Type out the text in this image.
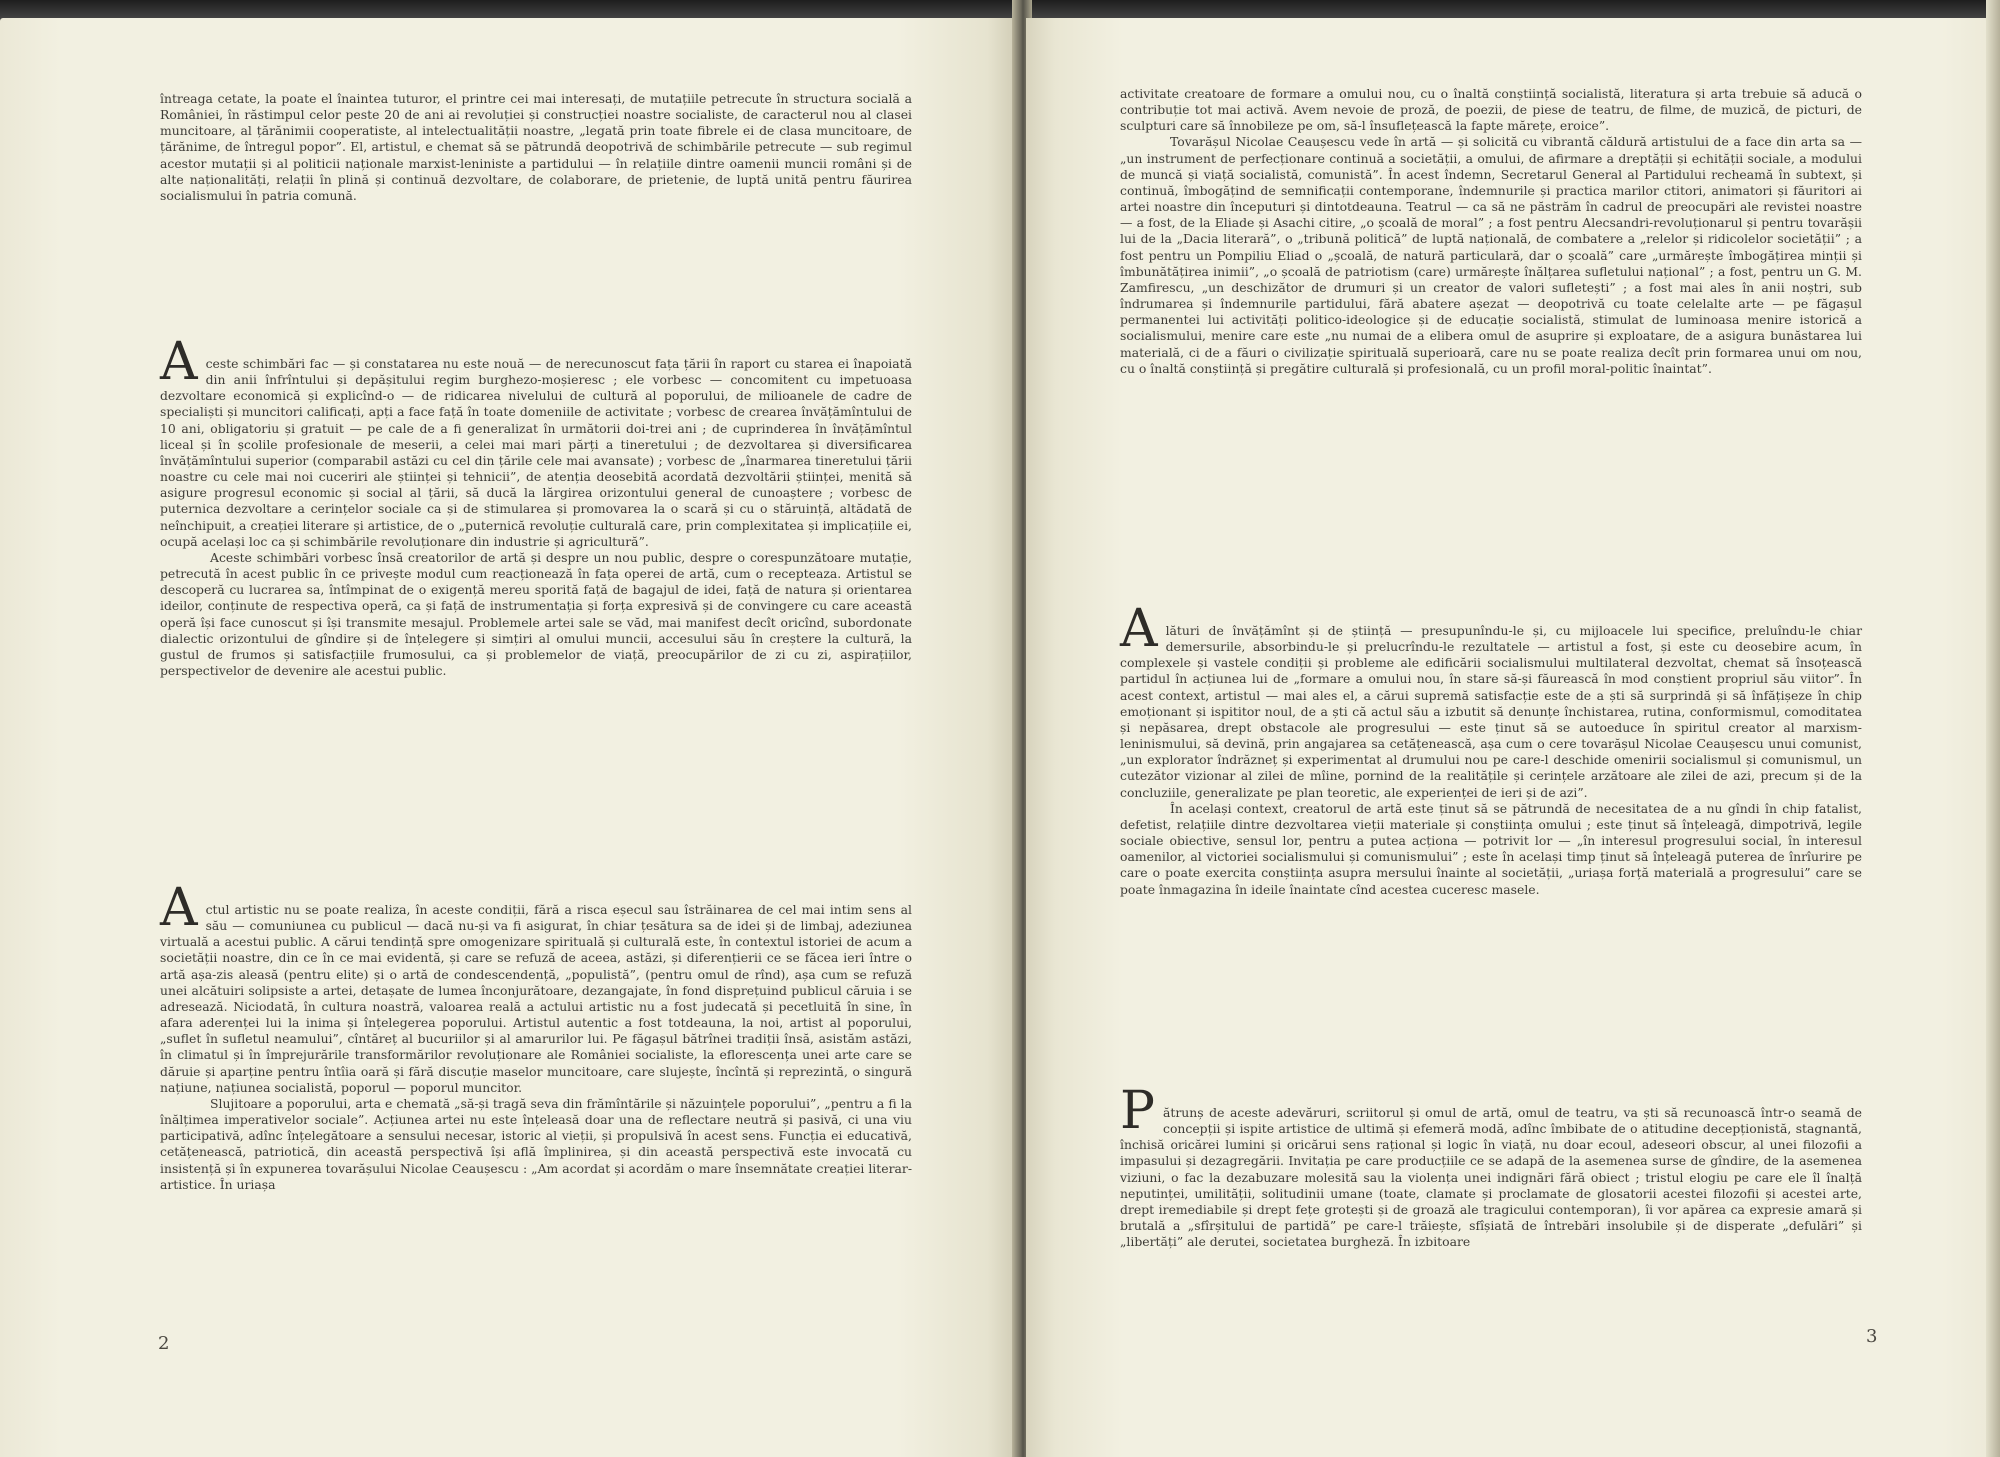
întreaga cetate, la poate el înaintea tuturor, el printre cei mai interesați, de mutațiile petrecute în structura socială a României, în răstimpul celor peste 20 de ani ai revoluției și construcției noastre socialiste, de caracterul nou al clasei muncitoare, al țărănimii cooperatiste, al intelectualității noastre, „legată prin toate fibrele ei de clasa muncitoare, de țărănime, de întregul popor”. El, artistul, e chemat să se pătrundă deopotrivă de schimbările petrecute — sub regimul acestor mutații și al politicii naționale marxist-leniniste a partidului — în relațiile dintre oamenii muncii români și de alte naționalități, relații în plină și continuă dezvoltare, de colaborare, de prietenie, de luptă unită pentru făurirea socialismului în patria comună.

A ceste schimbări fac — și constatarea nu este nouă — de nerecunoscut fața țării în raport cu starea ei înapoiată din anii înfrîntului și depășitului regim burghezo-moșieresc ; ele vorbesc — concomitent cu impetuoasa dezvoltare economică și explicînd-o — de ridicarea nivelului de cultură al poporului, de milioanele de cadre de specialiști și muncitori calificați, apți a face față în toate domeniile de activitate ; vorbesc de crearea învățămîntului de 10 ani, obligatoriu și gratuit — pe cale de a fi generalizat în următorii doi-trei ani ; de cuprinderea în învățămîntul liceal și în școlile profesionale de meserii, a celei mai mari părți a tineretului ; de dezvoltarea și diversificarea învățămîntului superior (comparabil astăzi cu cel din țările cele mai avansate) ; vorbesc de „înarmarea tineretului țării noastre cu cele mai noi cuceriri ale științei și tehnicii”, de atenția deosebită acordată dezvoltării științei, menită să asigure progresul economic și social al țării, să ducă la lărgirea orizontului general de cunoaștere ; vorbesc de puternica dezvoltare a cerințelor sociale ca și de stimularea și promovarea la o scară și cu o stăruință, altădată de neînchipuit, a creației literare și artistice, de o „puternică revoluție culturală care, prin complexitatea și implicațiile ei, ocupă același loc ca și schimbările revoluționare din industrie și agricultură”.

Aceste schimbări vorbesc însă creatorilor de artă și despre un nou public, despre o corespunzătoare mutație, petrecută în acest public în ce privește modul cum reacționează în fața operei de artă, cum o recepteaza. Artistul se descoperă cu lucrarea sa, întîmpinat de o exigență mereu sporită față de bagajul de idei, față de natura și orientarea ideilor, conținute de respectiva operă, ca și față de instrumentația și forța expresivă și de convingere cu care această operă își face cunoscut și își transmite mesajul. Problemele artei sale se văd, mai manifest decît oricînd, subordonate dialectic orizontului de gîndire și de înțelegere și simțiri al omului muncii, accesului său în creștere la cultură, la gustul de frumos și satisfacțiile frumosului, ca și problemelor de viață, preocupărilor de zi cu zi, aspirațiilor, perspectivelor de devenire ale acestui public.

A ctul artistic nu se poate realiza, în aceste condiții, fără a risca eșecul sau îstrăinarea de cel mai intim sens al său — comuniunea cu publicul — dacă nu-și va fi asigurat, în chiar țesătura sa de idei și de limbaj, adeziunea virtuală a acestui public. A cărui tendință spre omogenizare spirituală și culturală este, în contextul istoriei de acum a societății noastre, din ce în ce mai evidentă, și care se refuză de aceea, astăzi, și diferențierii ce se făcea ieri între o artă așa-zis aleasă (pentru elite) și o artă de condescendență, „populistă”, (pentru omul de rînd), așa cum se refuză unei alcătuiri solipsiste a artei, detașate de lumea înconjurătoare, dezangajate, în fond disprețuind publicul căruia i se adresează. Niciodată, în cultura noastră, valoarea reală a actului artistic nu a fost judecată și pecetluită în sine, în afara aderenței lui la inima și înțelegerea poporului. Artistul autentic a fost totdeauna, la noi, artist al poporului, „suflet în sufletul neamului”, cîntăreț al bucuriilor și al amarurilor lui. Pe făgașul bătrînei tradiții însă, asistăm astăzi, în climatul și în împrejurările transformărilor revoluționare ale României socialiste, la eflorescența unei arte care se dăruie și aparține pentru întîia oară și fără discuție maselor muncitoare, care slujește, încîntă și reprezintă, o singură națiune, națiunea socialistă, poporul — poporul muncitor.

Slujitoare a poporului, arta e chemată „să-și tragă seva din frămîntările și năzuințele poporului”, „pentru a fi la înălțimea imperativelor sociale”. Acțiunea artei nu este înțeleasă doar una de reflectare neutră și pasivă, ci una viu participativă, adînc înțelegătoare a sensului necesar, istoric al vieții, și propulsivă în acest sens. Funcția ei educativă, cetățenească, patriotică, din această perspectivă își află împlinirea, și din această perspectivă este invocată cu insistență și în expunerea tovarășului Nicolae Ceaușescu : „Am acordat și acordăm o mare însemnătate creației literar-artistice. În uriașa

2

activitate creatoare de formare a omului nou, cu o înaltă conștiință socialistă, literatura și arta trebuie să aducă o contribuție tot mai activă. Avem nevoie de proză, de poezii, de piese de teatru, de filme, de muzică, de picturi, de sculpturi care să înnobileze pe om, să-l însuflețească la fapte mărețe, eroice”.

Tovarășul Nicolae Ceaușescu vede în artă — și solicită cu vibrantă căldură artistului de a face din arta sa — „un instrument de perfecționare continuă a societății, a omului, de afirmare a dreptății și echității sociale, a modului de muncă și viață socialistă, comunistă”. În acest îndemn, Secretarul General al Partidului recheamă în subtext, și continuă, îmbogățind de semnificații contemporane, îndemnurile și practica marilor ctitori, animatori și făuritori ai artei noastre din începuturi și dintotdeauna. Teatrul — ca să ne păstrăm în cadrul de preocupări ale revistei noastre — a fost, de la Eliade și Asachi citire, „o școală de moral” ; a fost pentru Alecsandri-revoluționarul și pentru tovarășii lui de la „Dacia literară”, o „tribună politică” de luptă națională, de combatere a „relelor și ridicolelor societății” ; a fost pentru un Pompiliu Eliad o „școală, de natură particulară, dar o școală” care „urmărește îmbogățirea minții și îmbunătățirea inimii”, „o școală de patriotism (care) urmărește înălțarea sufletului național” ; a fost, pentru un G. M. Zamfirescu, „un deschizător de drumuri și un creator de valori sufletești” ; a fost mai ales în anii noștri, sub îndrumarea și îndemnurile partidului, fără abatere așezat — deopotrivă cu toate celelalte arte — pe făgașul permanentei lui activități politico-ideologice și de educație socialistă, stimulat de luminoasa menire istorică a socialismului, menire care este „nu numai de a elibera omul de asuprire și exploatare, de a asigura bunăstarea lui materială, ci de a făuri o civilizație spirituală superioară, care nu se poate realiza decît prin formarea unui om nou, cu o înaltă conștiință și pregătire culturală și profesională, cu un profil moral-politic înaintat”.

A lături de învățămînt și de știință — presupunîndu-le și, cu mijloacele lui specifice, preluîndu-le chiar demersurile, absorbindu-le și prelucrîndu-le rezultatele — artistul a fost, și este cu deosebire acum, în complexele și vastele condiții și probleme ale edificării socialismului multilateral dezvoltat, chemat să însoțească partidul în acțiunea lui de „formare a omului nou, în stare să-și făurească în mod conștient propriul său viitor”. În acest context, artistul — mai ales el, a cărui supremă satisfacție este de a ști să surprindă și să înfățișeze în chip emoționant și ispititor noul, de a ști că actul său a izbutit să denunțe închistarea, rutina, conformismul, comoditatea și nepăsarea, drept obstacole ale progresului — este ținut să se autoeduce în spiritul creator al marxism-leninismului, să devină, prin angajarea sa cetățenească, așa cum o cere tovarășul Nicolae Ceaușescu unui comunist, „un explorator îndrăzneț și experimentat al drumului nou pe care-l deschide omenirii socialismul și comunismul, un cutezător vizionar al zilei de mîine, pornind de la realitățile și cerințele arzătoare ale zilei de azi, precum și de la concluziile, generalizate pe plan teoretic, ale experienței de ieri și de azi”.

În același context, creatorul de artă este ținut să se pătrundă de necesitatea de a nu gîndi în chip fatalist, defetist, relațiile dintre dezvoltarea vieții materiale și conștiința omului ; este ținut să înțeleagă, dimpotrivă, legile sociale obiective, sensul lor, pentru a putea acționa — potrivit lor — „în interesul progresului social, în interesul oamenilor, al victoriei socialismului și comunismului” ; este în același timp ținut să înțeleagă puterea de înrîurire pe care o poate exercita conștiința asupra mersului înainte al societății, „uriașa forță materială a progresului” care se poate înmagazina în ideile înaintate cînd acestea cuceresc masele.

P ătrunș de aceste adevăruri, scriitorul și omul de artă, omul de teatru, va ști să recunoască într-o seamă de concepții și ispite artistice de ultimă și efemeră modă, adînc îmbibate de o atitudine decepționistă, stagnantă, închisă oricărei lumini și oricărui sens rațional și logic în viață, nu doar ecoul, adeseori obscur, al unei filozofii a impasului și dezagregării. Invitația pe care producțiile ce se adapă de la asemenea surse de gîndire, de la asemenea viziuni, o fac la dezabuzare molesită sau la violența unei indignări fără obiect ; tristul elogiu pe care ele îl înalță neputinței, umilității, solitudinii umane (toate, clamate și proclamate de glosatorii acestei filozofii și acestei arte, drept iremediabile și drept fețe grotești și de groază ale tragicului contemporan), îi vor apărea ca expresie amară și brutală a „sfîrșitului de partidă” pe care-l trăiește, sfîșiată de întrebări insolubile și de disperate „defulări” și „libertăți” ale derutei, societatea burgheză. În izbitoare

3
